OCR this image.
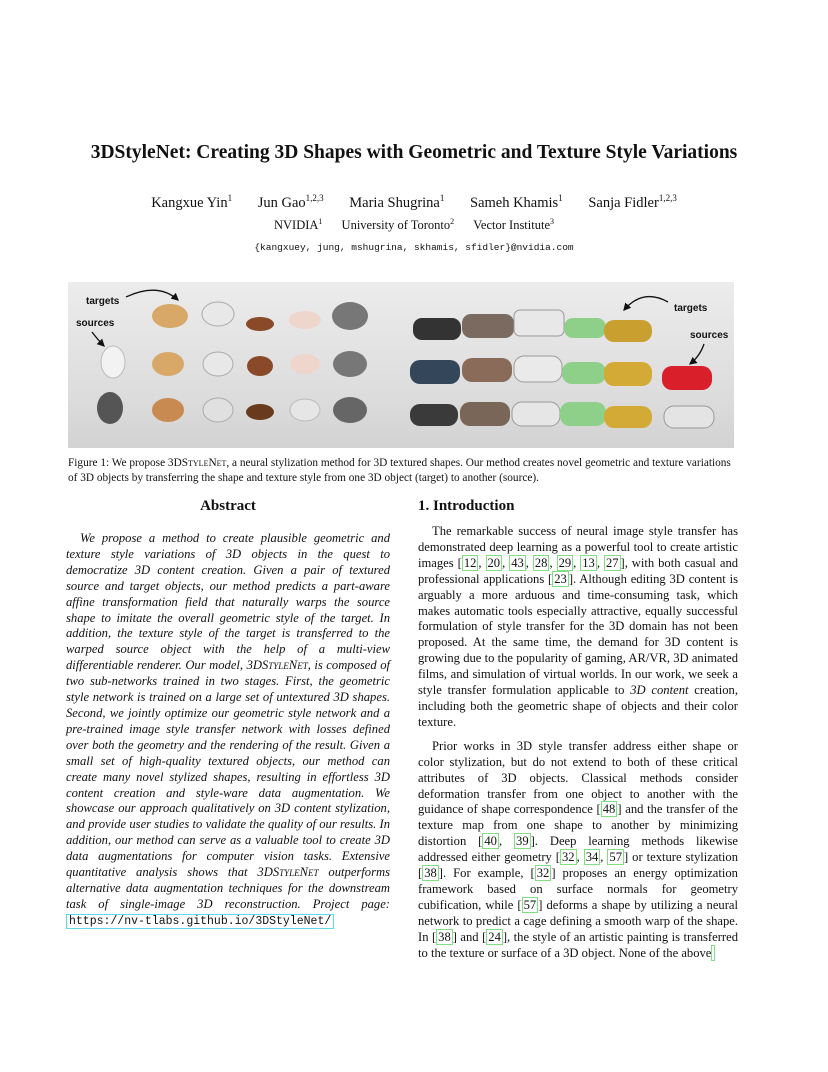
3DStyleNet: Creating 3D Shapes with Geometric and Texture Style Variations
Kangxue Yin$^1$ Jun Gao$^{1,2,3}$ Maria Shugrina$^1$ Sameh Khamis$^1$ Sanja Fidler$^{1,2,3}$
NVIDIA$^1$ University of Toronto$^2$ Vector Institute$^3$
{kangxuey, jung, mshugrina, skhamis, sfidler}@nvidia.com
targets
sources
targets
sources
Figure 1: We propose 3DStyleNet, a neural stylization method for 3D textured shapes. Our method creates novel geometric and texture variations of 3D objects by transferring the shape and texture style from one 3D object (target) to another (source).
Abstract

We propose a method to create plausible geometric and texture style variations of 3D objects in the quest to democratize 3D content creation. Given a pair of textured source and target objects, our method predicts a part-aware affine transformation field that naturally warps the source shape to imitate the overall geometric style of the target. In addition, the texture style of the target is transferred to the warped source object with the help of a multi-view differentiable renderer. Our model, 3DStyleNet, is composed of two sub-networks trained in two stages. First, the geometric style network is trained on a large set of untextured 3D shapes. Second, we jointly optimize our geometric style network and a pre-trained image style transfer network with losses defined over both the geometry and the rendering of the result. Given a small set of high-quality textured objects, our method can create many novel stylized shapes, resulting in effortless 3D content creation and style-ware data augmentation. We showcase our approach qualitatively on 3D content stylization, and provide user studies to validate the quality of our results. In addition, our method can serve as a valuable tool to create 3D data augmentations for computer vision tasks. Extensive quantitative analysis shows that 3DStyleNet outperforms alternative data augmentation techniques for the downstream task of single-image 3D reconstruction. Project page: https://nv-tlabs.github.io/3DStyleNet/

1. Introduction

The remarkable success of neural image style transfer has demonstrated deep learning as a powerful tool to create artistic images [ 12 , 20 , 43 , 28 , 29 , 13 , 27 ], with both casual and professional applications [ 23 ]. Although editing 3D content is arguably a more arduous and time-consuming task, which makes automatic tools especially attractive, equally successful formulation of style transfer for the 3D domain has not been proposed. At the same time, the demand for 3D content is growing due to the popularity of gaming, AR/VR, 3D animated films, and simulation of virtual worlds. In our work, we seek a style transfer formulation applicable to 3D content creation, including both the geometric shape of objects and their color texture.

Prior works in 3D style transfer address either shape or color stylization, but do not extend to both of these critical attributes of 3D objects. Classical methods consider deformation transfer from one object to another with the guidance of shape correspondence [ 48 ] and the transfer of the texture map from one shape to another by minimizing distortion [ 40 , 39 ]. Deep learning methods likewise addressed either geometry [ 32 , 34 , 57 ] or texture stylization [ 38 ]. For example, [ 32 ] proposes an energy optimization framework based on surface normals for geometry cubification, while [ 57 ] deforms a shape by utilizing a neural network to predict a cage defining a smooth warp of the shape. In [ 38 ] and [ 24 ], the style of an artistic painting is transferred to the texture or surface of a 3D object. None of the above
